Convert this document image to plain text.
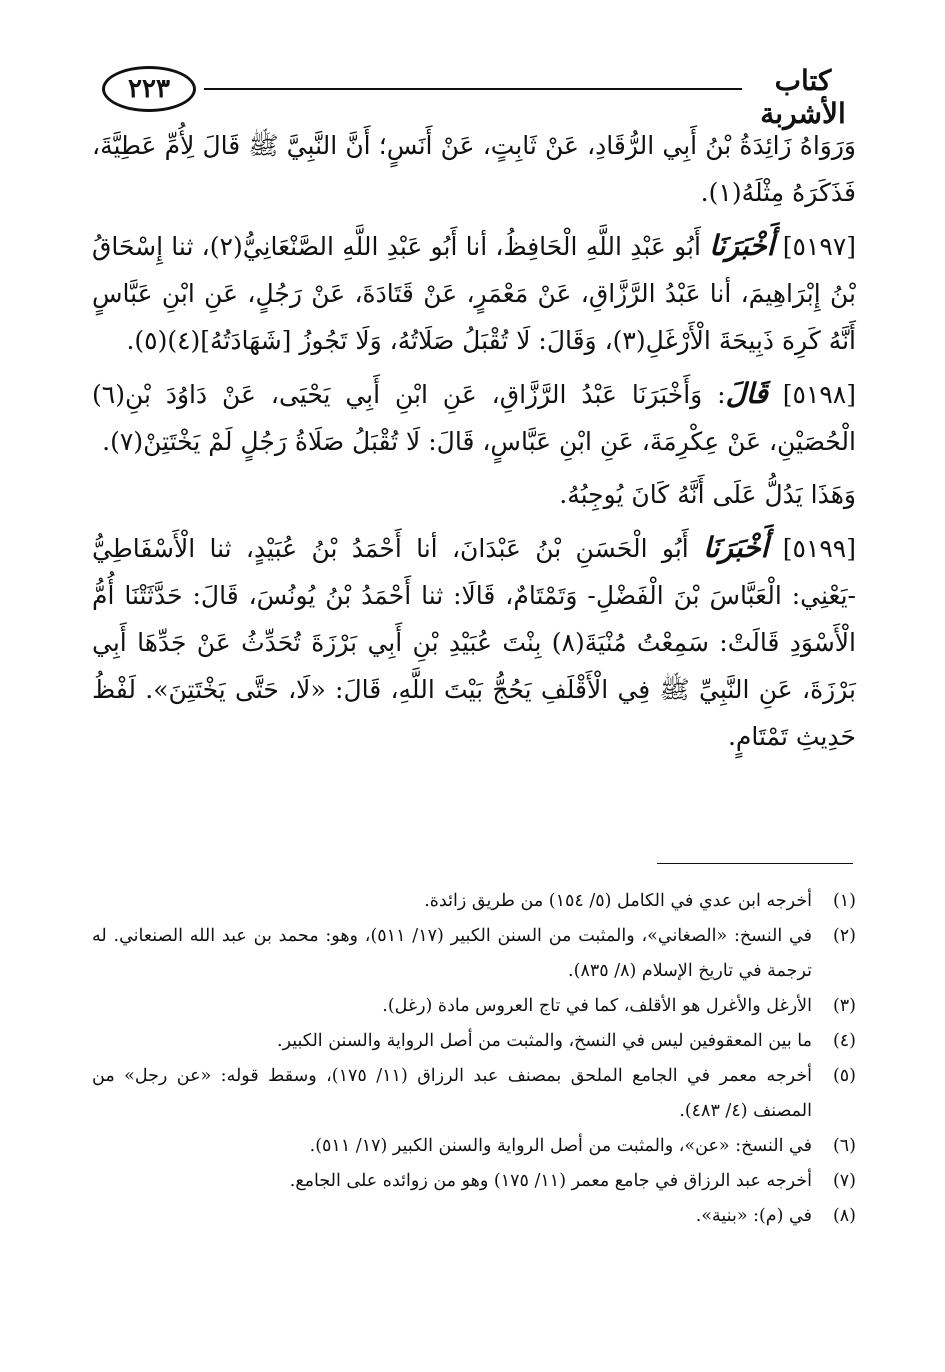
٢٢٣	كتاب الأشربة

وَرَوَاهُ زَائِدَةُ بْنُ أَبِي الرُّقَادِ، عَنْ ثَابِتٍ، عَنْ أَنَسٍ؛ أَنَّ النَّبِيَّ ﷺ قَالَ لِأُمِّ عَطِيَّةَ، فَذَكَرَهُ مِثْلَهُ(١).

[٥١٩٧] أَخْبَرَنَا أَبُو عَبْدِ اللَّهِ الْحَافِظُ، أنا أَبُو عَبْدِ اللَّهِ الصَّنْعَانِيُّ(٢)، ثنا إِسْحَاقُ بْنُ إِبْرَاهِيمَ، أنا عَبْدُ الرَّزَّاقِ، عَنْ مَعْمَرٍ، عَنْ قَتَادَةَ، عَنْ رَجُلٍ، عَنِ ابْنِ عَبَّاسٍ أَنَّهُ كَرِهَ ذَبِيحَةَ الْأَرْغَلِ(٣)، وَقَالَ: لَا تُقْبَلُ صَلَاتُهُ، وَلَا تَجُوزُ [شَهَادَتُهُ](٤)(٥).

[٥١٩٨] قَالَ: وَأَخْبَرَنَا عَبْدُ الرَّزَّاقِ، عَنِ ابْنِ أَبِي يَحْيَى، عَنْ دَاوُدَ بْنِ(٦) الْحُصَيْنِ، عَنْ عِكْرِمَةَ، عَنِ ابْنِ عَبَّاسٍ، قَالَ: لَا تُقْبَلُ صَلَاةُ رَجُلٍ لَمْ يَخْتَتِنْ(٧).

وَهَذَا يَدُلُّ عَلَى أَنَّهُ كَانَ يُوجِبُهُ.

[٥١٩٩] أَخْبَرَنَا أَبُو الْحَسَنِ بْنُ عَبْدَانَ، أنا أَحْمَدُ بْنُ عُبَيْدٍ، ثنا الْأَسْفَاطِيُّ -يَعْنِي: الْعَبَّاسَ بْنَ الْفَضْلِ- وَتَمْتَامٌ، قَالَا: ثنا أَحْمَدُ بْنُ يُونُسَ، قَالَ: حَدَّثَتْنَا أُمُّ الْأَسْوَدِ قَالَتْ: سَمِعْتُ مُنْيَةَ(٨) بِنْتَ عُبَيْدِ بْنِ أَبِي بَرْزَةَ تُحَدِّثُ عَنْ جَدِّهَا أَبِي بَرْزَةَ، عَنِ النَّبِيِّ ﷺ فِي الْأَقْلَفِ يَحُجُّ بَيْتَ اللَّهِ، قَالَ: «لَا، حَتَّى يَخْتَتِنَ». لَفْظُ حَدِيثِ تَمْتَامٍ.

(١)
أخرجه ابن عدي في الكامل (٥/ ١٥٤) من طريق زائدة.
(٢)
في النسخ: «الصغاني»، والمثبت من السنن الكبير (١٧/ ٥١١)، وهو: محمد بن عبد الله الصنعاني. له ترجمة في تاريخ الإسلام (٨/ ٨٣٥).
(٣)
الأرغل والأغرل هو الأقلف، كما في تاج العروس مادة (رغل).
(٤)
ما بين المعقوفين ليس في النسخ، والمثبت من أصل الرواية والسنن الكبير.
(٥)
أخرجه معمر في الجامع الملحق بمصنف عبد الرزاق (١١/ ١٧٥)، وسقط قوله: «عن رجل» من المصنف (٤/ ٤٨٣).
(٦)
في النسخ: «عن»، والمثبت من أصل الرواية والسنن الكبير (١٧/ ٥١١).
(٧)
أخرجه عبد الرزاق في جامع معمر (١١/ ١٧٥) وهو من زوائده على الجامع.
(٨)
في (م): «بنية».
